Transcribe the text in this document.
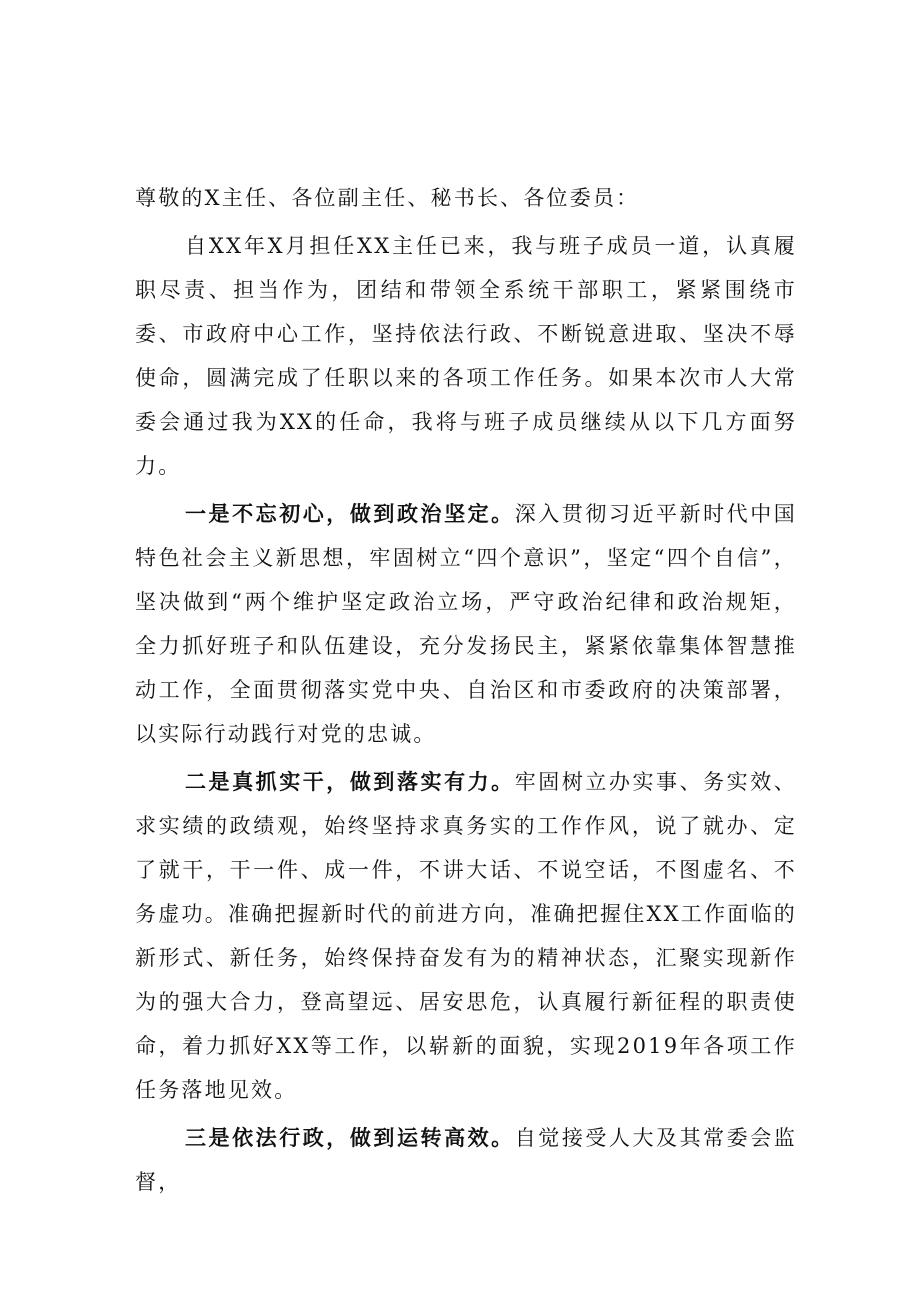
尊敬的X主任、各位副主任、秘书长、各位委员：

自XX年X月担任XX主任已来，我与班子成员一道，认真履职尽责、担当作为，团结和带领全系统干部职工，紧紧围绕市委、市政府中心工作，坚持依法行政、不断锐意进取、坚决不辱使命，圆满完成了任职以来的各项工作任务。如果本次市人大常委会通过我为XX的任命，我将与班子成员继续从以下几方面努力。

一是不忘初心，做到政治坚定。深入贯彻习近平新时代中国特色社会主义新思想，牢固树立“四个意识”，坚定“四个自信”，坚决做到“两个维护坚定政治立场，严守政治纪律和政治规矩，全力抓好班子和队伍建设，充分发扬民主，紧紧依靠集体智慧推动工作，全面贯彻落实党中央、自治区和市委政府的决策部署，以实际行动践行对党的忠诚。

二是真抓实干，做到落实有力。牢固树立办实事、务实效、求实绩的政绩观，始终坚持求真务实的工作作风，说了就办、定了就干，干一件、成一件，不讲大话、不说空话，不图虚名、不务虚功。准确把握新时代的前进方向，准确把握住XX工作面临的新形式、新任务，始终保持奋发有为的精神状态，汇聚实现新作为的强大合力，登高望远、居安思危，认真履行新征程的职责使命，着力抓好XX等工作，以崭新的面貌，实现2019年各项工作任务落地见效。

三是依法行政，做到运转高效。自觉接受人大及其常委会监督，
